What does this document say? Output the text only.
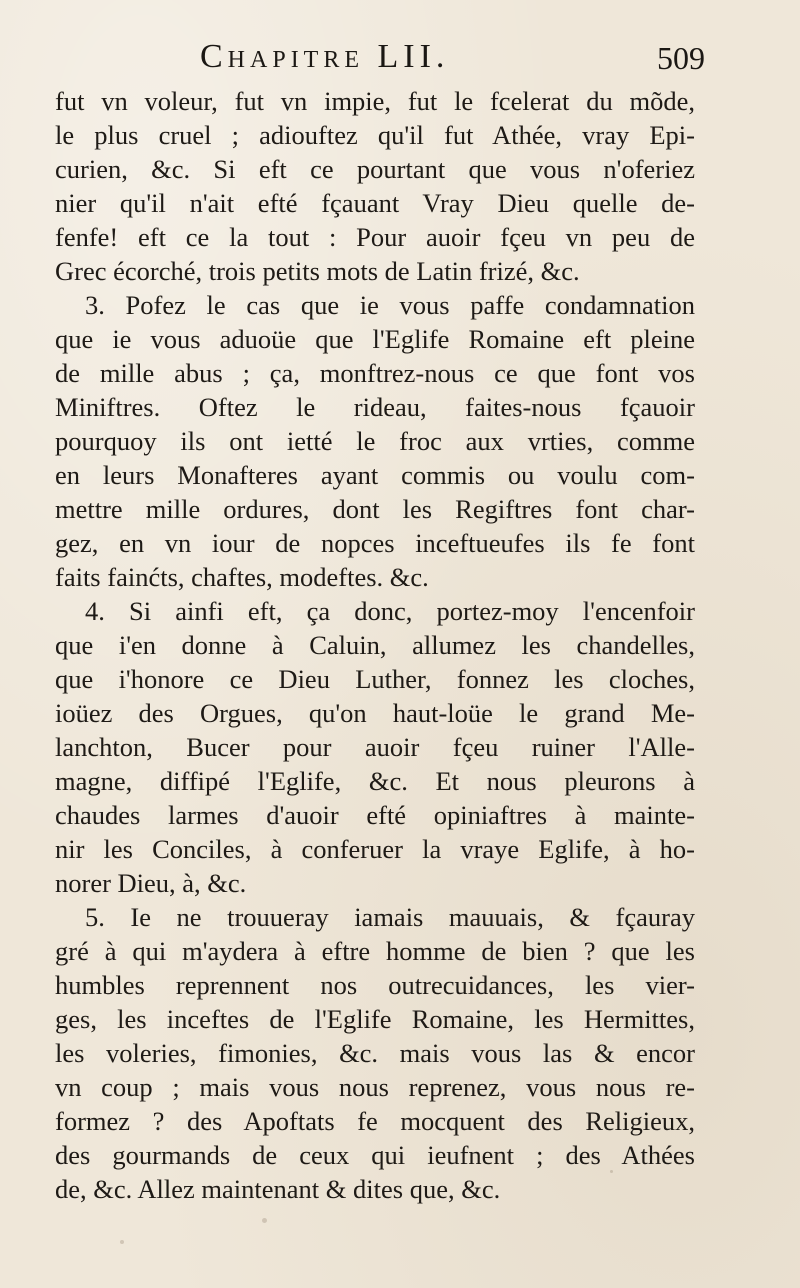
Chapitre LII.	509
fut vn voleur, fut vn impie, fut le fcelerat du mõde,
le plus cruel ; adiouftez qu'il fut Athée, vray Epi-
curien, &c. Si eft ce pourtant que vous n'oferiez
nier qu'il n'ait efté fçauant Vray Dieu quelle de-
fenfe! eft ce la tout : Pour auoir fçeu vn peu de
Grec écorché, trois petits mots de Latin frizé, &c.
3. Pofez le cas que ie vous paffe condamnation
que ie vous aduoüe que l'Eglife Romaine eft pleine
de mille abus ; ça, monftrez-nous ce que font vos
Miniftres. Oftez le rideau, faites-nous fçauoir
pourquoy ils ont ietté le froc aux vrties, comme
en leurs Monafteres ayant commis ou voulu com-
mettre mille ordures, dont les Regiftres font char-
gez, en vn iour de nopces inceftueufes ils fe font
faits fainćts, chaftes, modeftes. &c.
4. Si ainfi eft, ça donc, portez-moy l'encenfoir
que i'en donne à Caluin, allumez les chandelles,
que i'honore ce Dieu Luther, fonnez les cloches,
ioüez des Orgues, qu'on haut-loüe le grand Me-
lanchton, Bucer pour auoir fçeu ruiner l'Alle-
magne, diffipé l'Eglife, &c. Et nous pleurons à
chaudes larmes d'auoir efté opiniaftres à mainte-
nir les Conciles, à conferuer la vraye Eglife, à ho-
norer Dieu, à, &c.
5. Ie ne trouueray iamais mauuais, & fçauray
gré à qui m'aydera à eftre homme de bien ? que les
humbles reprennent nos outrecuidances, les vier-
ges, les inceftes de l'Eglife Romaine, les Hermittes,
les voleries, fimonies, &c. mais vous las & encor
vn coup ; mais vous nous reprenez, vous nous re-
formez ? des Apoftats fe mocquent des Religieux,
des gourmands de ceux qui ieufnent ; des Athées
de, &c. Allez maintenant & dites que, &c.
